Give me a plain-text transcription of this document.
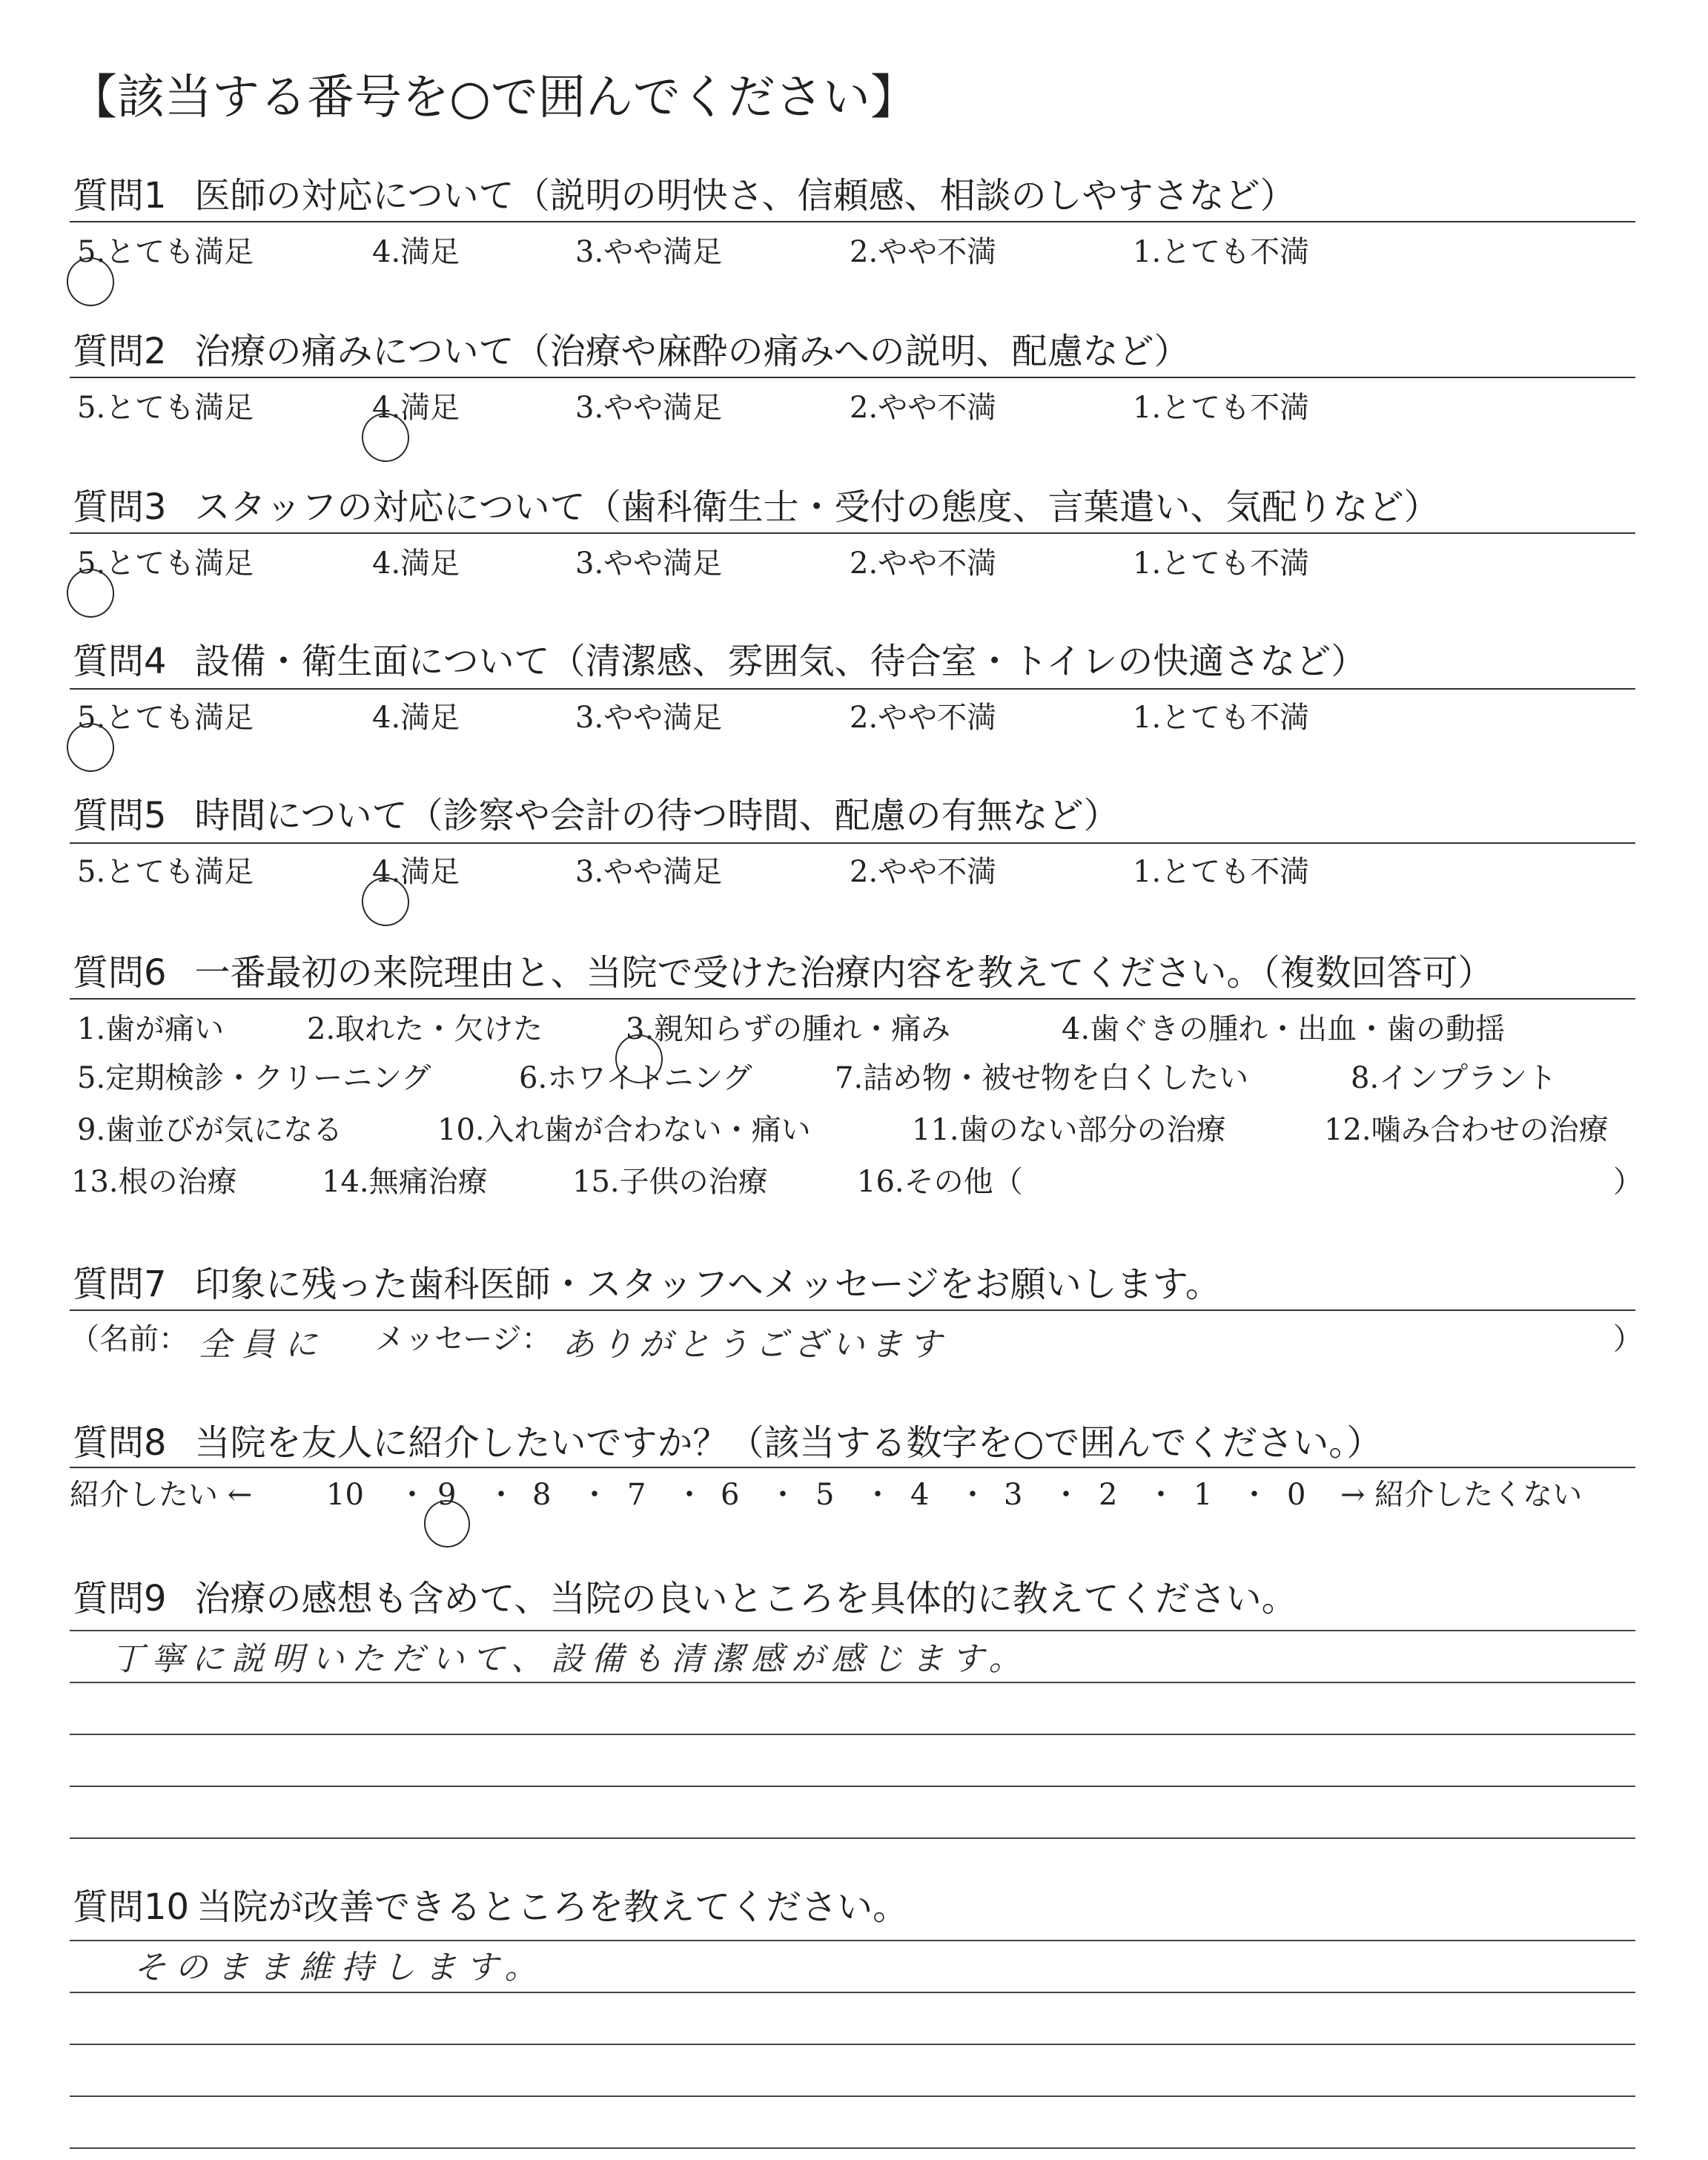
【該当する番号を○で囲んでください】
質問1 医師の対応について（説明の明快さ、信頼感、相談のしやすさなど）
5.とても満足	4.満足	3.やや満足	2.やや不満	1.とても不満
質問2 治療の痛みについて（治療や麻酔の痛みへの説明、配慮など）
5.とても満足	4.満足	3.やや満足	2.やや不満	1.とても不満
質問3 スタッフの対応について（歯科衛生士・受付の態度、言葉遣い、気配りなど）
5.とても満足	4.満足	3.やや満足	2.やや不満	1.とても不満
質問4 設備・衛生面について（清潔感、雰囲気、待合室・トイレの快適さなど）
5.とても満足	4.満足	3.やや満足	2.やや不満	1.とても不満
質問5 時間について（診察や会計の待つ時間、配慮の有無など）
5.とても満足	4.満足	3.やや満足	2.やや不満	1.とても不満
質問6 一番最初の来院理由と、当院で受けた治療内容を教えてください。（複数回答可）
1.歯が痛い	2.取れた・欠けた	3.親知らずの腫れ・痛み	4.歯ぐきの腫れ・出血・歯の動揺
5.定期検診・クリーニング	6.ホワイトニング	7.詰め物・被せ物を白くしたい	8.インプラント
9.歯並びが気になる	10.入れ歯が合わない・痛い	11.歯のない部分の治療	12.噛み合わせの治療
13.根の治療	14.無痛治療	15.子供の治療	16.その他（	）
質問7 印象に残った歯科医師・スタッフへメッセージをお願いします。
（名前： 全員に メッセージ： ありがとうございます	）
質問8 当院を友人に紹介したいですか？（該当する数字を○で囲んでください。）
紹介したい ← 10 ・ 9 ・ 8 ・ 7 ・ 6 ・ 5 ・ 4 ・ 3 ・ 2 ・ 1 ・ 0 → 紹介したくない
質問9 治療の感想も含めて、当院の良いところを具体的に教えてください。
丁寧に説明いただいて、設備も清潔感が感じます。
質問10 当院が改善できるところを教えてください。
そのまま維持します。
